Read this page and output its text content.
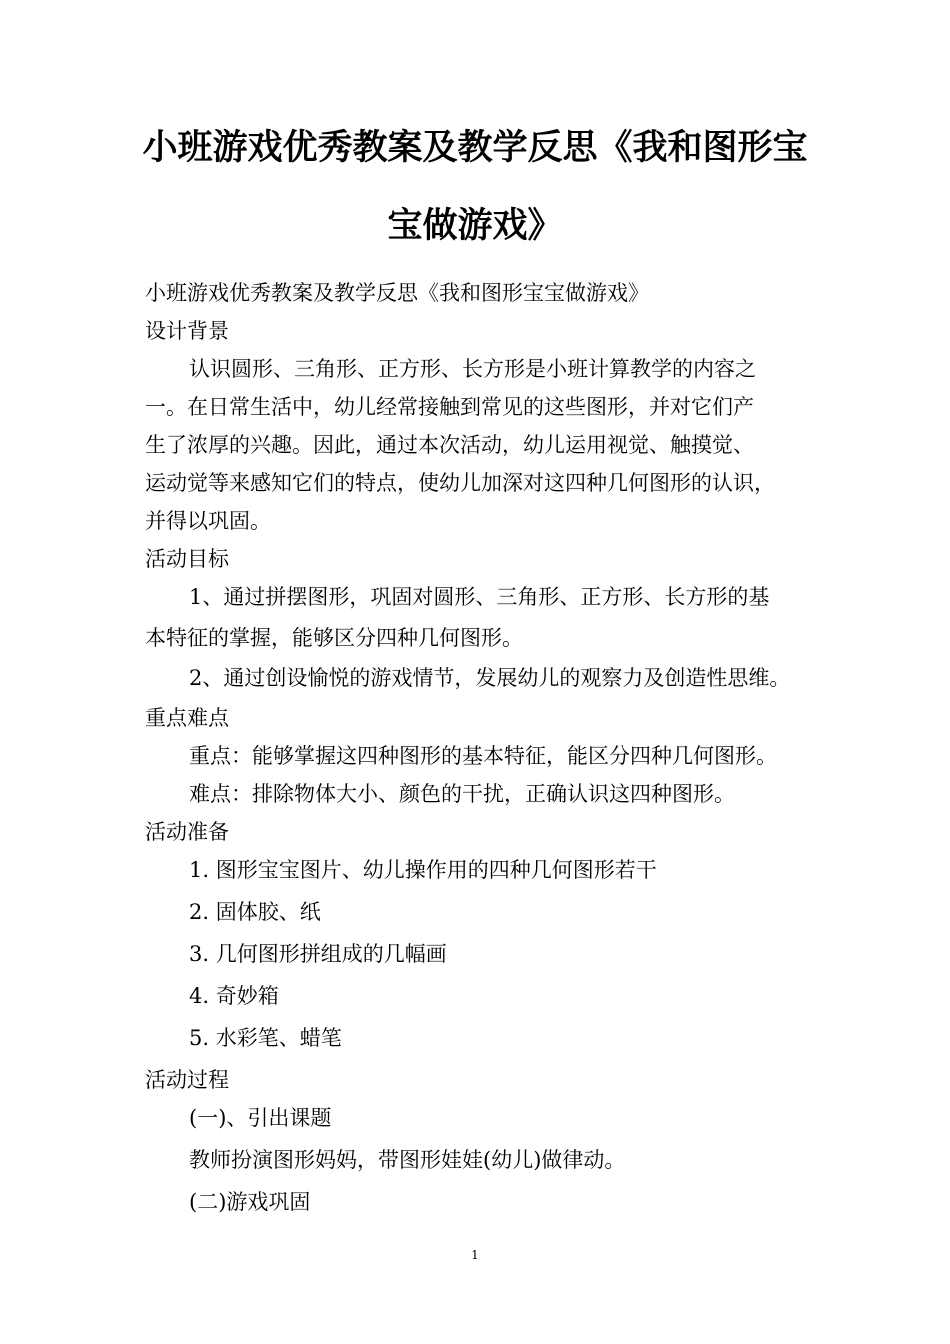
小班游戏优秀教案及教学反思《我和图形宝
宝做游戏》

小班游戏优秀教案及教学反思《我和图形宝宝做游戏》

设计背景

认识圆形、三角形、正方形、长方形是小班计算教学的内容之

一。在日常生活中，幼儿经常接触到常见的这些图形，并对它们产

生了浓厚的兴趣。因此，通过本次活动，幼儿运用视觉、触摸觉、

运动觉等来感知它们的特点，使幼儿加深对这四种几何图形的认识，

并得以巩固。

活动目标

1、通过拼摆图形，巩固对圆形、三角形、正方形、长方形的基

本特征的掌握，能够区分四种几何图形。

2、通过创设愉悦的游戏情节，发展幼儿的观察力及创造性思维。

重点难点

重点：能够掌握这四种图形的基本特征，能区分四种几何图形。

难点：排除物体大小、颜色的干扰，正确认识这四种图形。

活动准备

1. 图形宝宝图片、幼儿操作用的四种几何图形若干

2. 固体胶、纸

3. 几何图形拼组成的几幅画

4. 奇妙箱

5. 水彩笔、蜡笔

活动过程

(一)、引出课题

教师扮演图形妈妈，带图形娃娃(幼儿)做律动。

(二)游戏巩固

1
